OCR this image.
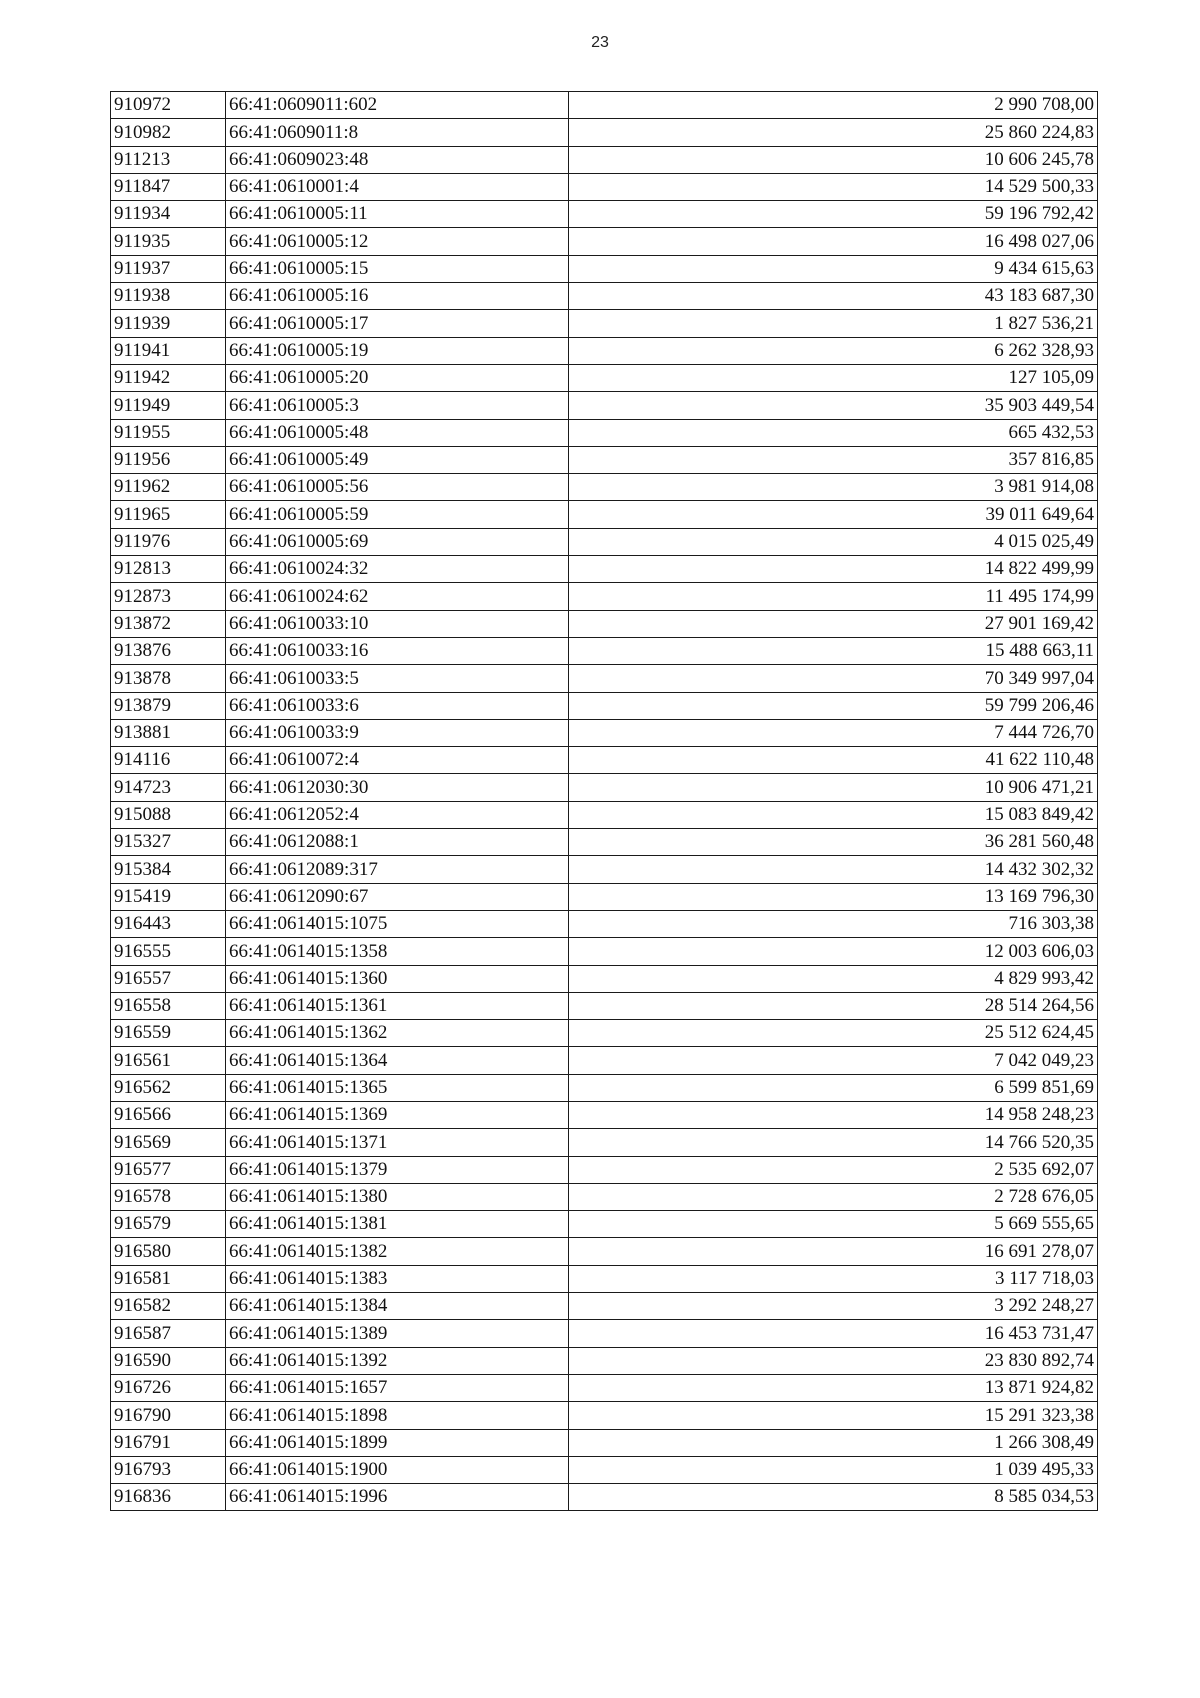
23
910972	66:41:0609011:602	2 990 708,00
910982	66:41:0609011:8	25 860 224,83
911213	66:41:0609023:48	10 606 245,78
911847	66:41:0610001:4	14 529 500,33
911934	66:41:0610005:11	59 196 792,42
911935	66:41:0610005:12	16 498 027,06
911937	66:41:0610005:15	9 434 615,63
911938	66:41:0610005:16	43 183 687,30
911939	66:41:0610005:17	1 827 536,21
911941	66:41:0610005:19	6 262 328,93
911942	66:41:0610005:20	127 105,09
911949	66:41:0610005:3	35 903 449,54
911955	66:41:0610005:48	665 432,53
911956	66:41:0610005:49	357 816,85
911962	66:41:0610005:56	3 981 914,08
911965	66:41:0610005:59	39 011 649,64
911976	66:41:0610005:69	4 015 025,49
912813	66:41:0610024:32	14 822 499,99
912873	66:41:0610024:62	11 495 174,99
913872	66:41:0610033:10	27 901 169,42
913876	66:41:0610033:16	15 488 663,11
913878	66:41:0610033:5	70 349 997,04
913879	66:41:0610033:6	59 799 206,46
913881	66:41:0610033:9	7 444 726,70
914116	66:41:0610072:4	41 622 110,48
914723	66:41:0612030:30	10 906 471,21
915088	66:41:0612052:4	15 083 849,42
915327	66:41:0612088:1	36 281 560,48
915384	66:41:0612089:317	14 432 302,32
915419	66:41:0612090:67	13 169 796,30
916443	66:41:0614015:1075	716 303,38
916555	66:41:0614015:1358	12 003 606,03
916557	66:41:0614015:1360	4 829 993,42
916558	66:41:0614015:1361	28 514 264,56
916559	66:41:0614015:1362	25 512 624,45
916561	66:41:0614015:1364	7 042 049,23
916562	66:41:0614015:1365	6 599 851,69
916566	66:41:0614015:1369	14 958 248,23
916569	66:41:0614015:1371	14 766 520,35
916577	66:41:0614015:1379	2 535 692,07
916578	66:41:0614015:1380	2 728 676,05
916579	66:41:0614015:1381	5 669 555,65
916580	66:41:0614015:1382	16 691 278,07
916581	66:41:0614015:1383	3 117 718,03
916582	66:41:0614015:1384	3 292 248,27
916587	66:41:0614015:1389	16 453 731,47
916590	66:41:0614015:1392	23 830 892,74
916726	66:41:0614015:1657	13 871 924,82
916790	66:41:0614015:1898	15 291 323,38
916791	66:41:0614015:1899	1 266 308,49
916793	66:41:0614015:1900	1 039 495,33
916836	66:41:0614015:1996	8 585 034,53
